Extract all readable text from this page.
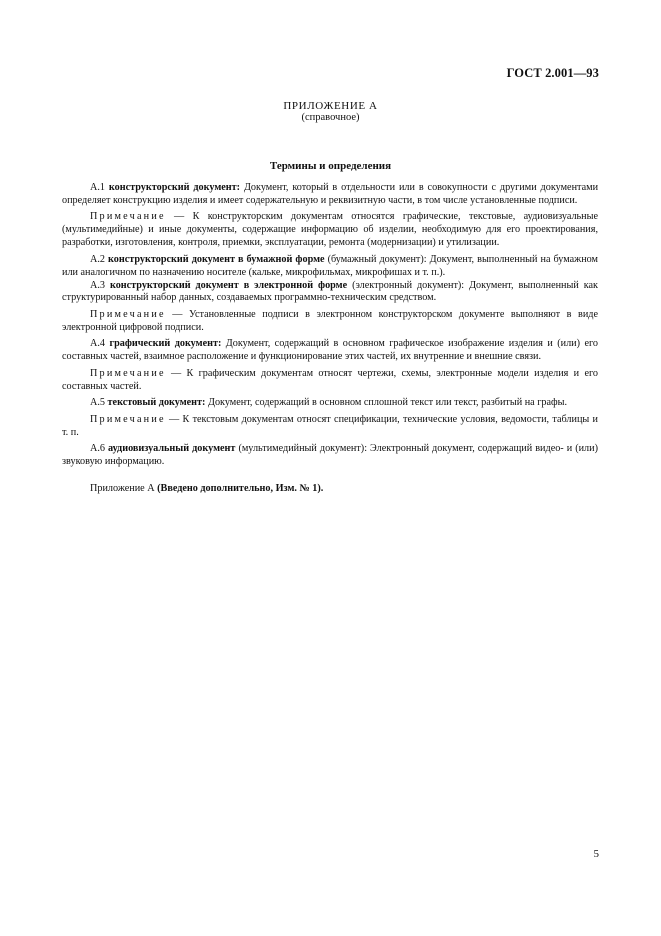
ГОСТ 2.001—93
ПРИЛОЖЕНИЕ А
(справочное)
Термины и определения

А.1 конструкторский документ: Документ, который в отдельности или в совокупности с другими документами определяет конструкцию изделия и имеет содержательную и реквизитную части, в том числе установленные подписи.

Примечание — К конструкторским документам относятся графические, текстовые, аудиовизуальные (мультимедийные) и иные документы, содержащие информацию об изделии, необходимую для его проектирования, разработки, изготовления, контроля, приемки, эксплуатации, ремонта (модернизации) и утилизации.

А.2 конструкторский документ в бумажной форме (бумажный документ): Документ, выполненный на бумажном или аналогичном по назначению носителе (кальке, микрофильмах, микрофишах и т. п.).

А.3 конструкторский документ в электронной форме (электронный документ): Документ, выполненный как структурированный набор данных, создаваемых программно-техническим средством.

Примечание — Установленные подписи в электронном конструкторском документе выполняют в виде электронной цифровой подписи.

А.4 графический документ: Документ, содержащий в основном графическое изображение изделия и (или) его составных частей, взаимное расположение и функционирование этих частей, их внутренние и внешние связи.

Примечание — К графическим документам относят чертежи, схемы, электронные модели изделия и его составных частей.

А.5 текстовый документ: Документ, содержащий в основном сплошной текст или текст, разбитый на графы.

Примечание — К текстовым документам относят спецификации, технические условия, ведомости, таблицы и т. п.

А.6 аудиовизуальный документ (мультимедийный документ): Электронный документ, содержащий видео- и (или) звуковую информацию.

Приложение А (Введено дополнительно, Изм. № 1).

5
